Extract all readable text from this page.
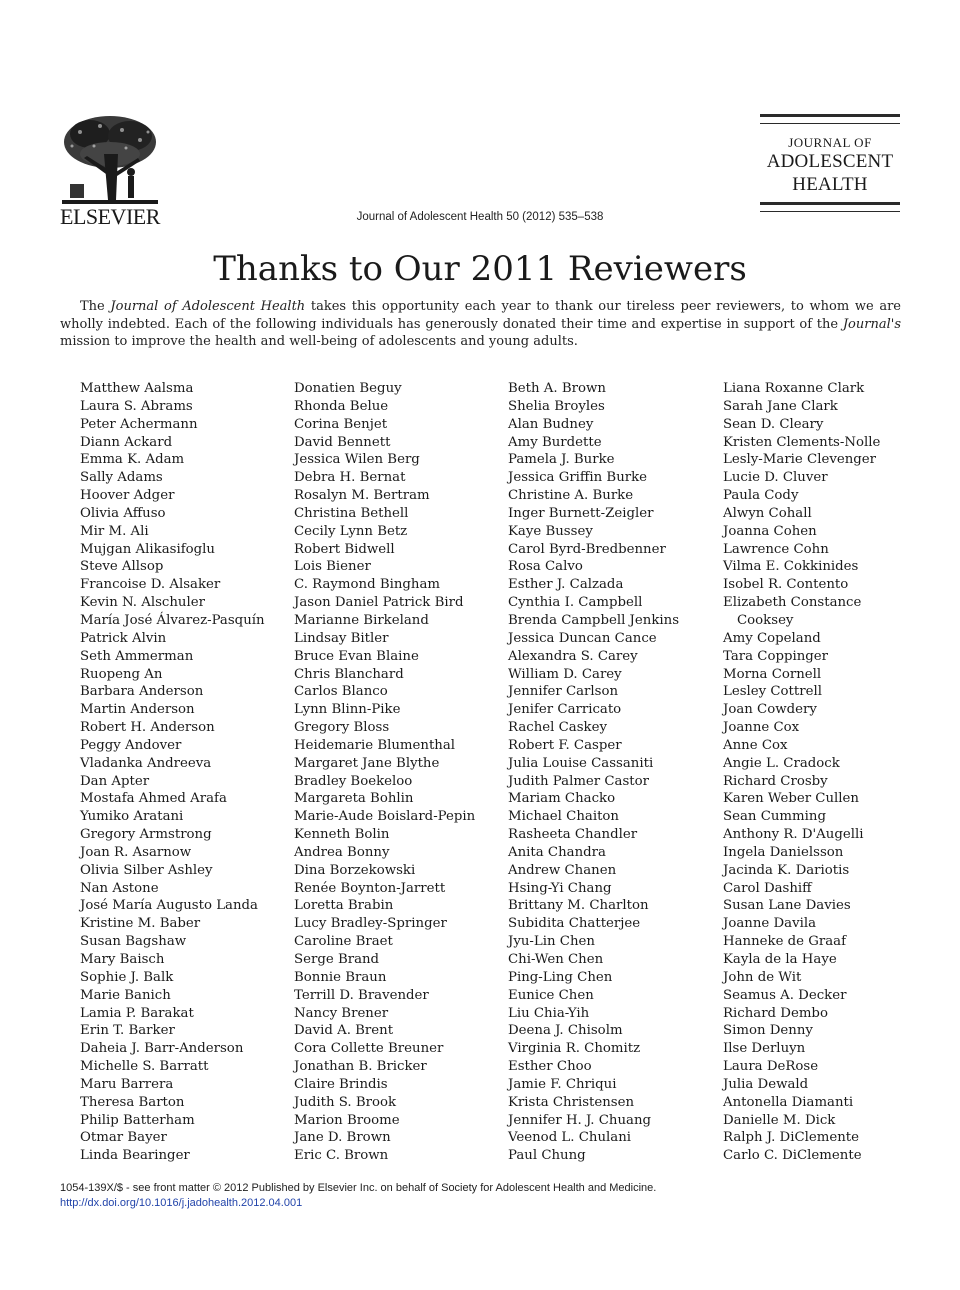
ELSEVIER	Journal of Adolescent Health 50 (2012) 535–538
JOURNAL OF
ADOLESCENT
HEALTH
Thanks to Our 2011 Reviewers

The Journal of Adolescent Health takes this opportunity each year to thank our tireless peer reviewers, to whom we are wholly indebted. Each of the following individuals has generously donated their time and expertise in support of the Journal's mission to improve the health and well-being of adolescents and young adults.

Matthew Aalsma
Laura S. Abrams
Peter Achermann
Diann Ackard
Emma K. Adam
Sally Adams
Hoover Adger
Olivia Affuso
Mir M. Ali
Mujgan Alikasifoglu
Steve Allsop
Francoise D. Alsaker
Kevin N. Alschuler
María José Álvarez-Pasquín
Patrick Alvin
Seth Ammerman
Ruopeng An
Barbara Anderson
Martin Anderson
Robert H. Anderson
Peggy Andover
Vladanka Andreeva
Dan Apter
Mostafa Ahmed Arafa
Yumiko Aratani
Gregory Armstrong
Joan R. Asarnow
Olivia Silber Ashley
Nan Astone
José María Augusto Landa
Kristine M. Baber
Susan Bagshaw
Mary Baisch
Sophie J. Balk
Marie Banich
Lamia P. Barakat
Erin T. Barker
Daheia J. Barr-Anderson
Michelle S. Barratt
Maru Barrera
Theresa Barton
Philip Batterham
Otmar Bayer
Linda Bearinger
Donatien Beguy
Rhonda Belue
Corina Benjet
David Bennett
Jessica Wilen Berg
Debra H. Bernat
Rosalyn M. Bertram
Christina Bethell
Cecily Lynn Betz
Robert Bidwell
Lois Biener
C. Raymond Bingham
Jason Daniel Patrick Bird
Marianne Birkeland
Lindsay Bitler
Bruce Evan Blaine
Chris Blanchard
Carlos Blanco
Lynn Blinn-Pike
Gregory Bloss
Heidemarie Blumenthal
Margaret Jane Blythe
Bradley Boekeloo
Margareta Bohlin
Marie-Aude Boislard-Pepin
Kenneth Bolin
Andrea Bonny
Dina Borzekowski
Renée Boynton-Jarrett
Loretta Brabin
Lucy Bradley-Springer
Caroline Braet
Serge Brand
Bonnie Braun
Terrill D. Bravender
Nancy Brener
David A. Brent
Cora Collette Breuner
Jonathan B. Bricker
Claire Brindis
Judith S. Brook
Marion Broome
Jane D. Brown
Eric C. Brown
Beth A. Brown
Shelia Broyles
Alan Budney
Amy Burdette
Pamela J. Burke
Jessica Griffin Burke
Christine A. Burke
Inger Burnett-Zeigler
Kaye Bussey
Carol Byrd-Bredbenner
Rosa Calvo
Esther J. Calzada
Cynthia I. Campbell
Brenda Campbell Jenkins
Jessica Duncan Cance
Alexandra S. Carey
William D. Carey
Jennifer Carlson
Jenifer Carricato
Rachel Caskey
Robert F. Casper
Julia Louise Cassaniti
Judith Palmer Castor
Mariam Chacko
Michael Chaiton
Rasheeta Chandler
Anita Chandra
Andrew Chanen
Hsing-Yi Chang
Brittany M. Charlton
Subidita Chatterjee
Jyu-Lin Chen
Chi-Wen Chen
Ping-Ling Chen
Eunice Chen
Liu Chia-Yih
Deena J. Chisolm
Virginia R. Chomitz
Esther Choo
Jamie F. Chriqui
Krista Christensen
Jennifer H. J. Chuang
Veenod L. Chulani
Paul Chung
Liana Roxanne Clark
Sarah Jane Clark
Sean D. Cleary
Kristen Clements-Nolle
Lesly-Marie Clevenger
Lucie D. Cluver
Paula Cody
Alwyn Cohall
Joanna Cohen
Lawrence Cohn
Vilma E. Cokkinides
Isobel R. Contento
Elizabeth Constance
Cooksey
Amy Copeland
Tara Coppinger
Morna Cornell
Lesley Cottrell
Joan Cowdery
Joanne Cox
Anne Cox
Angie L. Cradock
Richard Crosby
Karen Weber Cullen
Sean Cumming
Anthony R. D'Augelli
Ingela Danielsson
Jacinda K. Dariotis
Carol Dashiff
Susan Lane Davies
Joanne Davila
Hanneke de Graaf
Kayla de la Haye
John de Wit
Seamus A. Decker
Richard Dembo
Simon Denny
Ilse Derluyn
Laura DeRose
Julia Dewald
Antonella Diamanti
Danielle M. Dick
Ralph J. DiClemente
Carlo C. DiClemente
1054-139X/$ - see front matter © 2012 Published by Elsevier Inc. on behalf of Society for Adolescent Health and Medicine.
http://dx.doi.org/10.1016/j.jadohealth.2012.04.001
